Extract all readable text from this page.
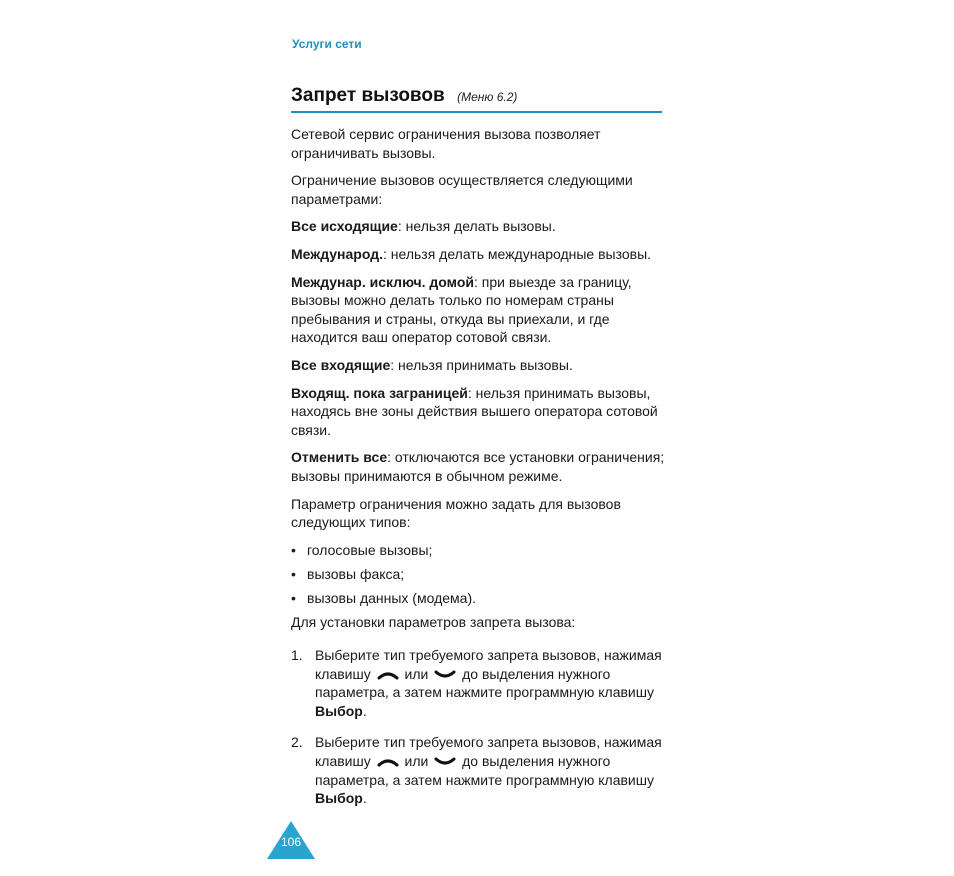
Услуги сети
Запрет вызовов (Меню 6.2)

Сетевой сервис ограничения вызова позволяет ограничивать вызовы.

Ограничение вызовов осуществляется следующими параметрами:

Все исходящие: нельзя делать вызовы.

Международ.: нельзя делать международные вызовы.

Междунар. исключ. домой: при выезде за границу, вызовы можно делать только по номерам страны пребывания и страны, откуда вы приехали, и где находится ваш оператор сотовой связи.

Все входящие: нельзя принимать вызовы.

Входящ. пока заграницей: нельзя принимать вызовы, находясь вне зоны действия вышего оператора сотовой связи.

Отменить все: отключаются все установки ограничения; вызовы принимаются в обычном режиме.

Параметр ограничения можно задать для вызовов следующих типов:

• голосовые вызовы;
• вызовы факса;
• вызовы данных (модема).

Для установки параметров запрета вызова:

1. Выберите тип требуемого запрета вызовов, нажимая клавишу или до выделения нужного параметра, а затем нажмите программную клавишу Выбор.
2. Выберите тип требуемого запрета вызовов, нажимая клавишу или до выделения нужного параметра, а затем нажмите программную клавишу Выбор.
106
